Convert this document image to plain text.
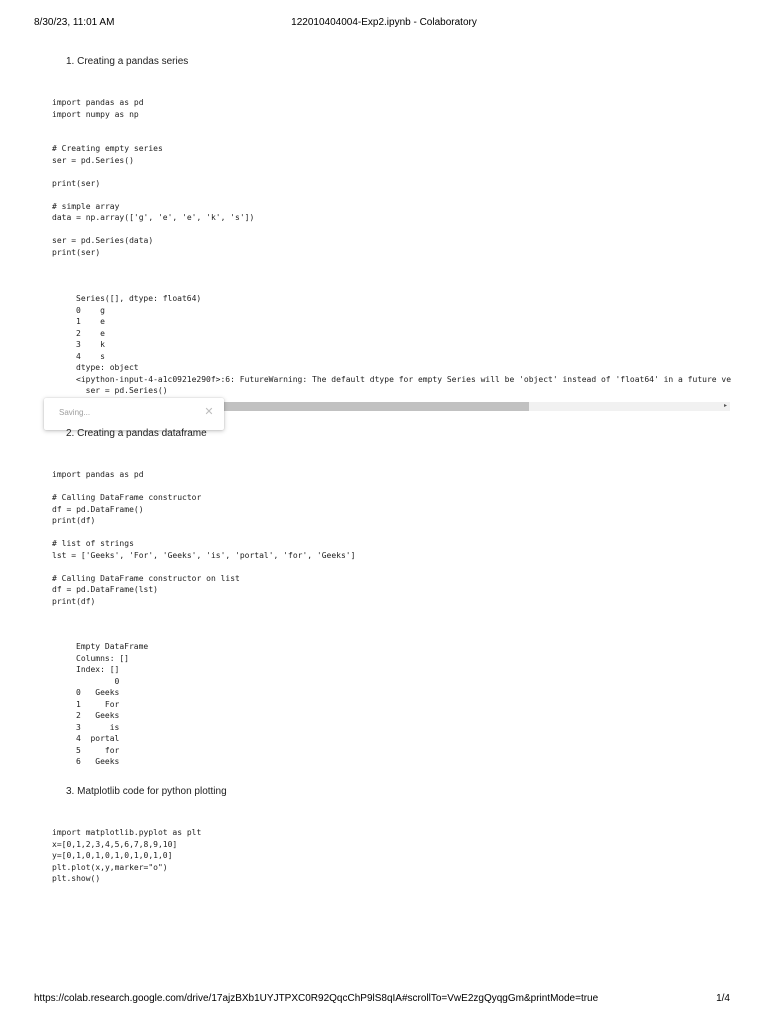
8/30/23, 11:01 AM	122010404004-Exp2.ipynb - Colaboratory
1. Creating a pandas series
import pandas as pd
import numpy as np

# Creating empty series
ser = pd.Series()

print(ser)

# simple array
data = np.array(['g', 'e', 'e', 'k', 's'])

ser = pd.Series(data)
print(ser)
Series([], dtype: float64)
0    g
1    e
2    e
3    k
4    s
dtype: object
<ipython-input-4-a1c0921e290f>:6: FutureWarning: The default dtype for empty Series will be 'object' instead of 'float64' in a future ve
ser = pd.Series()
▸
Saving...	✕
2. Creating a pandas dataframe
import pandas as pd

# Calling DataFrame constructor
df = pd.DataFrame()
print(df)

# list of strings
lst = ['Geeks', 'For', 'Geeks', 'is', 'portal', 'for', 'Geeks']

# Calling DataFrame constructor on list
df = pd.DataFrame(lst)
print(df)
Empty DataFrame
Columns: []
Index: []
0
0   Geeks
1     For
2   Geeks
3      is
4  portal
5     for
6   Geeks
3. Matplotlib code for python plotting
import matplotlib.pyplot as plt
x=[0,1,2,3,4,5,6,7,8,9,10]
y=[0,1,0,1,0,1,0,1,0,1,0]
plt.plot(x,y,marker="o")
plt.show()
https://colab.research.google.com/drive/17ajzBXb1UYJTPXC0R92QqcChP9lS8qIA#scrollTo=VwE2zgQyqgGm&printMode=true	1/4
